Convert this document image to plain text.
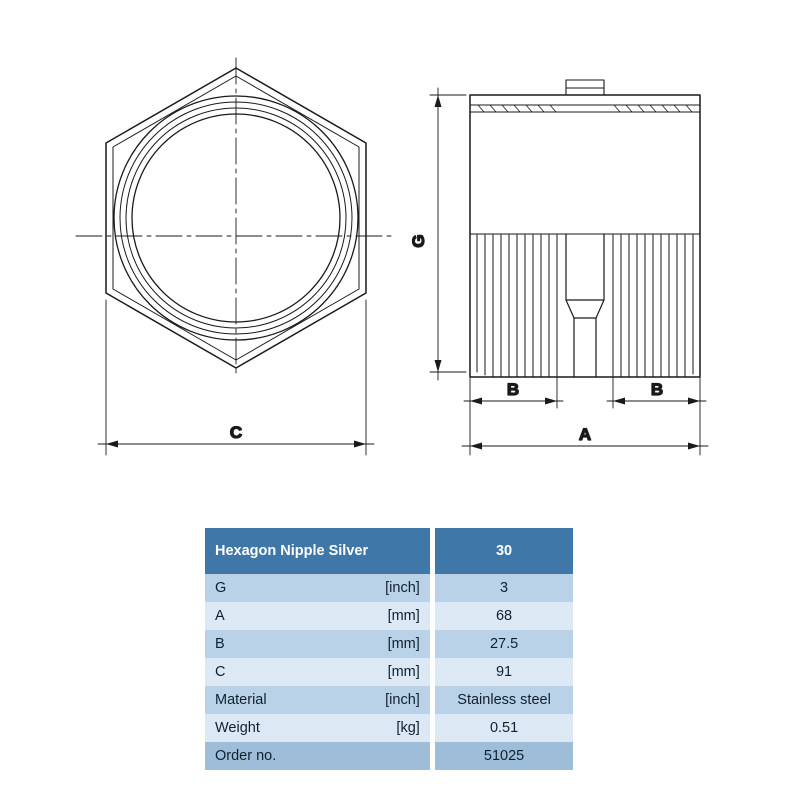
C
G
B	B
A
Hexagon Nipple Silver			30
G	[inch]		3
A	[mm]		68
B	[mm]		27.5
C	[mm]		91
Material	[inch]		Stainless steel
Weight	[kg]		0.51
Order no.			51025
